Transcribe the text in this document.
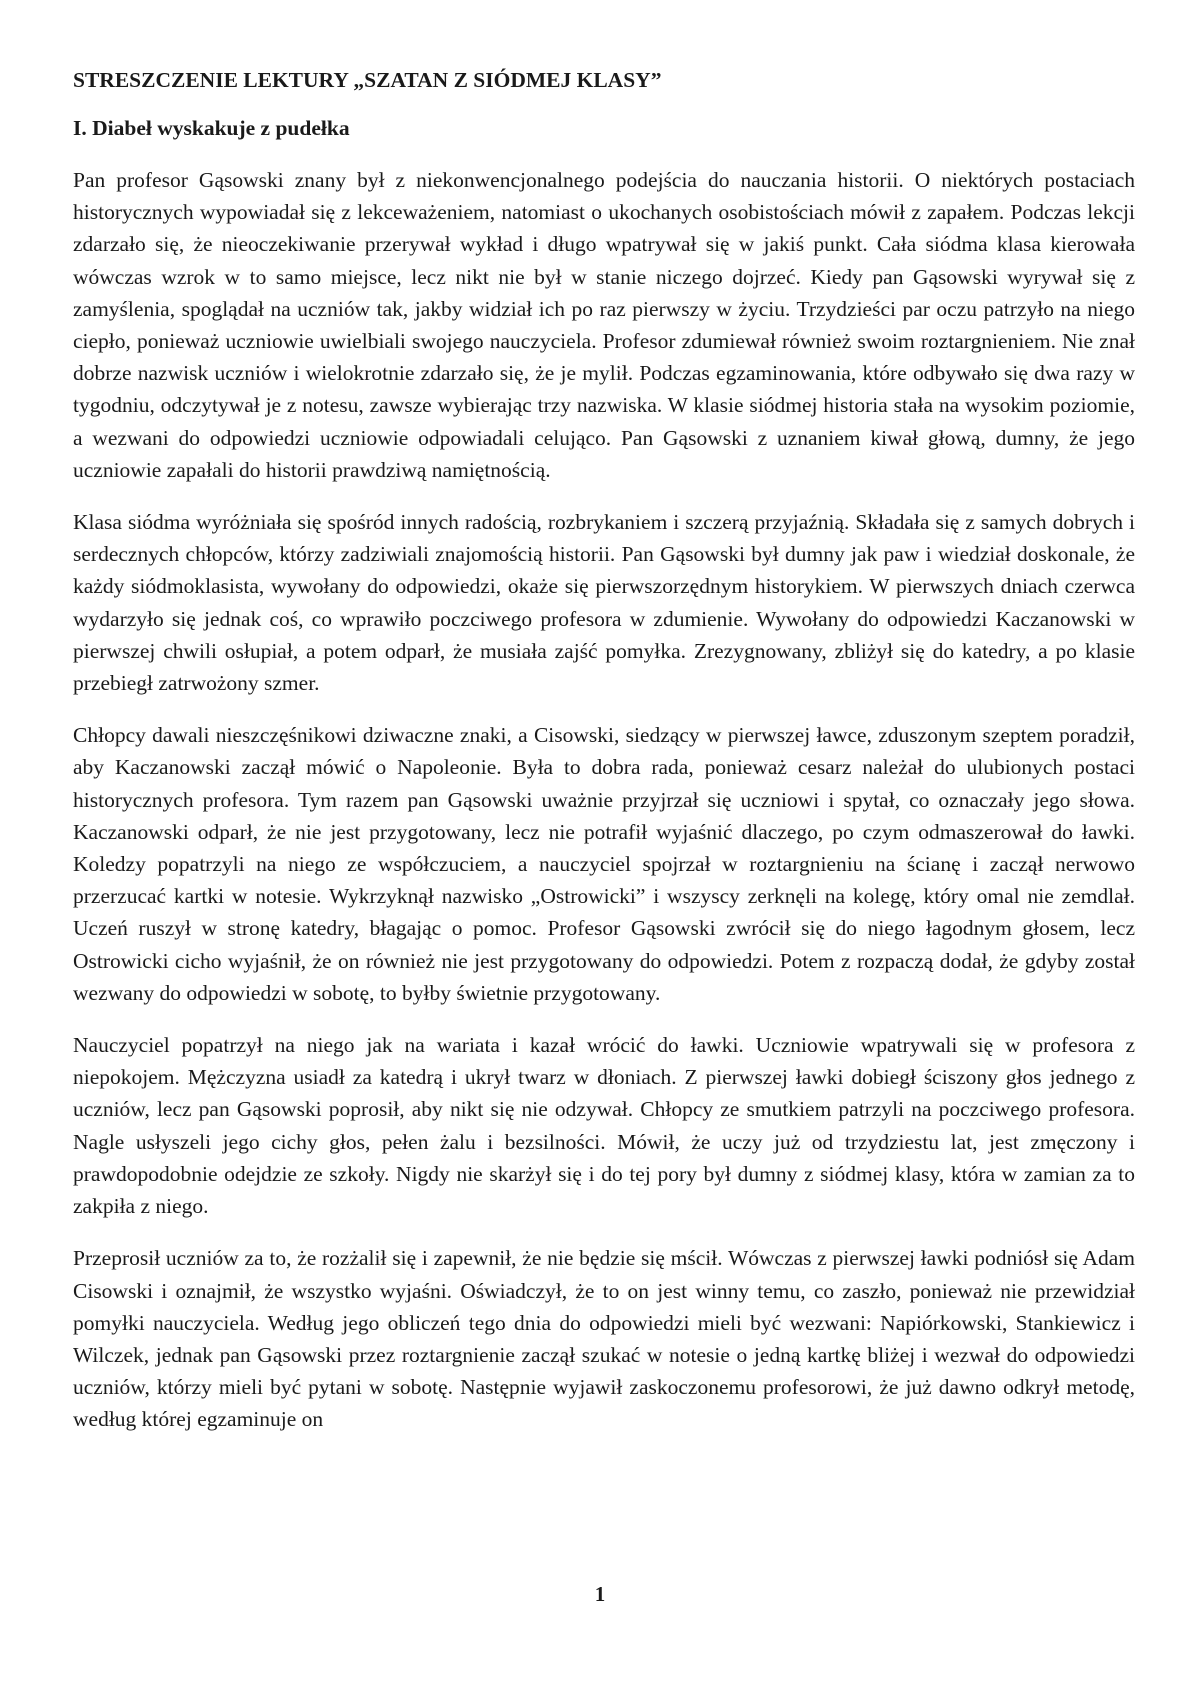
STRESZCZENIE LEKTURY „SZATAN Z SIÓDMEJ KLASY”
I. Diabeł wyskakuje z pudełka

Pan profesor Gąsowski znany był z niekonwencjonalnego podejścia do nauczania historii. O niektórych postaciach historycznych wypowiadał się z lekceważeniem, natomiast o ukochanych osobistościach mówił z zapałem. Podczas lekcji zdarzało się, że nieoczekiwanie przerywał wykład i długo wpatrywał się w jakiś punkt. Cała siódma klasa kierowała wówczas wzrok w to samo miejsce, lecz nikt nie był w stanie niczego dojrzeć. Kiedy pan Gąsowski wyrywał się z zamyślenia, spoglądał na uczniów tak, jakby widział ich po raz pierwszy w życiu. Trzydzieści par oczu patrzyło na niego ciepło, ponieważ uczniowie uwielbiali swojego nauczyciela. Profesor zdumiewał również swoim roztargnieniem. Nie znał dobrze nazwisk uczniów i wielokrotnie zdarzało się, że je mylił. Podczas egzaminowania, które odbywało się dwa razy w tygodniu, odczytywał je z notesu, zawsze wybierając trzy nazwiska. W klasie siódmej historia stała na wysokim poziomie, a wezwani do odpowiedzi uczniowie odpowiadali celująco. Pan Gąsowski z uznaniem kiwał głową, dumny, że jego uczniowie zapałali do historii prawdziwą namiętnością.

Klasa siódma wyróżniała się spośród innych radością, rozbrykaniem i szczerą przyjaźnią. Składała się z samych dobrych i serdecznych chłopców, którzy zadziwiali znajomością historii. Pan Gąsowski był dumny jak paw i wiedział doskonale, że każdy siódmoklasista, wywołany do odpowiedzi, okaże się pierwszorzędnym historykiem. W pierwszych dniach czerwca wydarzyło się jednak coś, co wprawiło poczciwego profesora w zdumienie. Wywołany do odpowiedzi Kaczanowski w pierwszej chwili osłupiał, a potem odparł, że musiała zajść pomyłka. Zrezygnowany, zbliżył się do katedry, a po klasie przebiegł zatrwożony szmer.

Chłopcy dawali nieszczęśnikowi dziwaczne znaki, a Cisowski, siedzący w pierwszej ławce, zduszonym szeptem poradził, aby Kaczanowski zaczął mówić o Napoleonie. Była to dobra rada, ponieważ cesarz należał do ulubionych postaci historycznych profesora. Tym razem pan Gąsowski uważnie przyjrzał się uczniowi i spytał, co oznaczały jego słowa. Kaczanowski odparł, że nie jest przygotowany, lecz nie potrafił wyjaśnić dlaczego, po czym odmaszerował do ławki. Koledzy popatrzyli na niego ze współczuciem, a nauczyciel spojrzał w roztargnieniu na ścianę i zaczął nerwowo przerzucać kartki w notesie. Wykrzyknął nazwisko „Ostrowicki” i wszyscy zerknęli na kolegę, który omal nie zemdlał. Uczeń ruszył w stronę katedry, błagając o pomoc. Profesor Gąsowski zwrócił się do niego łagodnym głosem, lecz Ostrowicki cicho wyjaśnił, że on również nie jest przygotowany do odpowiedzi. Potem z rozpaczą dodał, że gdyby został wezwany do odpowiedzi w sobotę, to byłby świetnie przygotowany.

Nauczyciel popatrzył na niego jak na wariata i kazał wrócić do ławki. Uczniowie wpatrywali się w profesora z niepokojem. Mężczyzna usiadł za katedrą i ukrył twarz w dłoniach. Z pierwszej ławki dobiegł ściszony głos jednego z uczniów, lecz pan Gąsowski poprosił, aby nikt się nie odzywał. Chłopcy ze smutkiem patrzyli na poczciwego profesora. Nagle usłyszeli jego cichy głos, pełen żalu i bezsilności. Mówił, że uczy już od trzydziestu lat, jest zmęczony i prawdopodobnie odejdzie ze szkoły. Nigdy nie skarżył się i do tej pory był dumny z siódmej klasy, która w zamian za to zakpiła z niego.

Przeprosił uczniów za to, że rozżalił się i zapewnił, że nie będzie się mścił. Wówczas z pierwszej ławki podniósł się Adam Cisowski i oznajmił, że wszystko wyjaśni. Oświadczył, że to on jest winny temu, co zaszło, ponieważ nie przewidział pomyłki nauczyciela. Według jego obliczeń tego dnia do odpowiedzi mieli być wezwani: Napiórkowski, Stankiewicz i Wilczek, jednak pan Gąsowski przez roztargnienie zaczął szukać w notesie o jedną kartkę bliżej i wezwał do odpowiedzi uczniów, którzy mieli być pytani w sobotę. Następnie wyjawił zaskoczonemu profesorowi, że już dawno odkrył metodę, według której egzaminuje on

1
